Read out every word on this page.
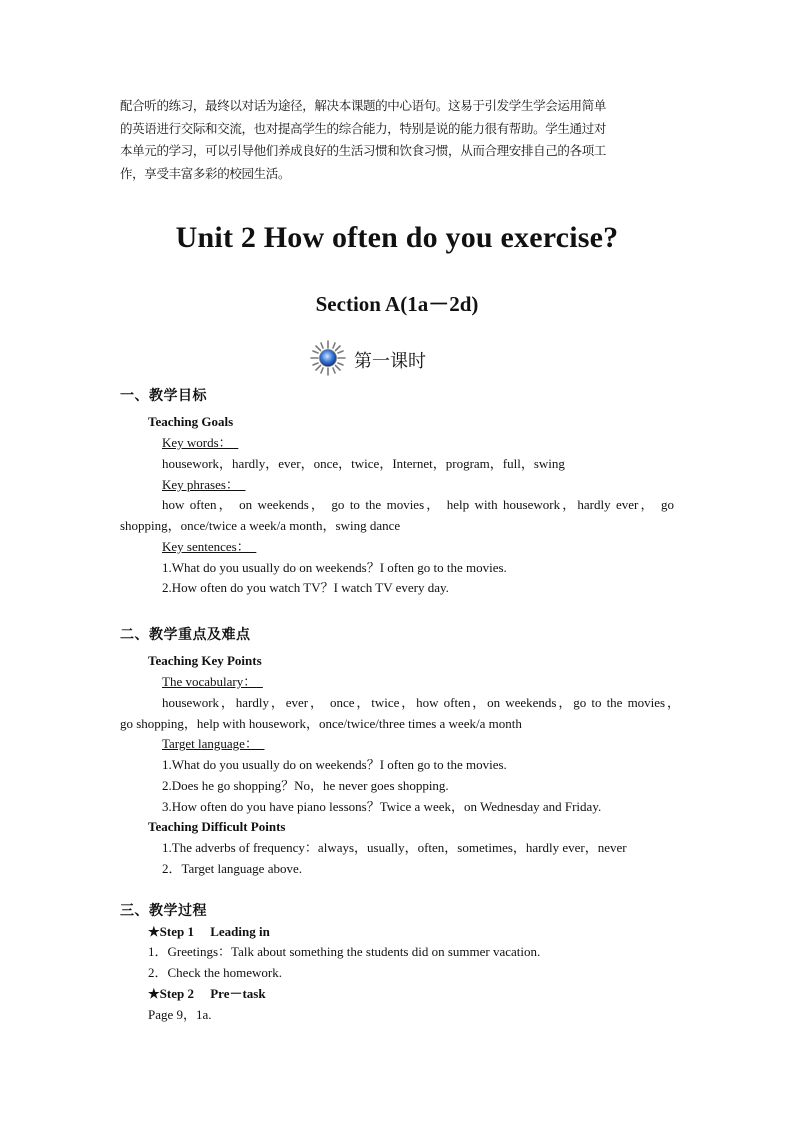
配合听的练习，最终以对话为途径，解决本课题的中心语句。这易于引发学生学会运用简单
的英语进行交际和交流，也对提高学生的综合能力，特别是说的能力很有帮助。学生通过对
本单元的学习，可以引导他们养成良好的生活习惯和饮食习惯，从而合理安排自己的各项工
作，享受丰富多彩的校园生活。
Unit 2 How often do you exercise?
Section A(1a－2d)
第一课时
一、教学目标
Teaching Goals
Key words：
housework，hardly，ever，once，twice，Internet，program，full，swing
Key phrases：
how often， on weekends， go to the movies， help with housework，hardly ever， go
shopping，once/twice a week/a month，swing dance
Key sentences：
1.What do you usually do on weekends？I often go to the movies.
2.How often do you watch TV？I watch TV every day.
二、教学重点及难点
Teaching Key Points
The vocabulary：
housework，hardly，ever， once，twice，how often，on weekends，go to the movies，
go shopping，help with housework，once/twice/three times a week/a month
Target language：
1.What do you usually do on weekends？I often go to the movies.
2.Does he go shopping？No，he never goes shopping.
3.How often do you have piano lessons？Twice a week，on Wednesday and Friday.
Teaching Difficult Points
1.The adverbs of frequency：always，usually，often，sometimes，hardly ever，never
2．Target language above.
三、教学过程
★Step 1　 Leading in
1．Greetings：Talk about something the students did on summer vacation.
2．Check the homework.
★Step 2　 Pre－task
Page 9，1a.
